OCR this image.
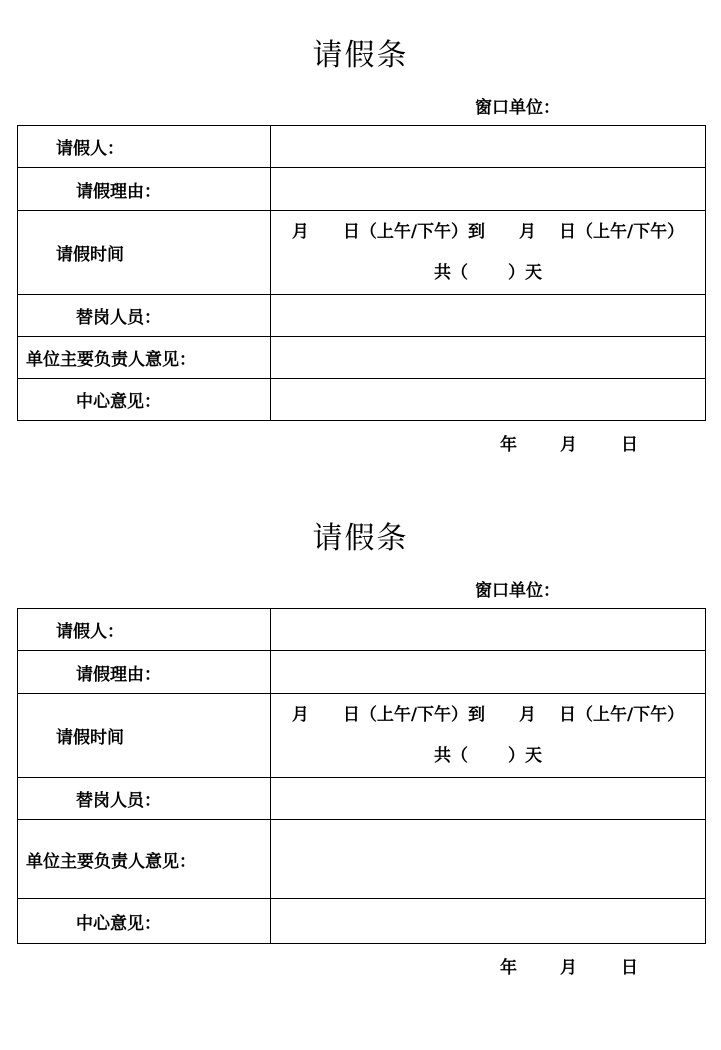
请假条
窗口单位：
请假人：	

请假理由：	

请假时间	月　　日（上午/下午）到　　月　 日（上午/下午）
共（　　 ）天

替岗人员：	

单位主要负责人意见：	

中心意见：	

年	月	日
请假条
窗口单位：
请假人：	

请假理由：	

请假时间	月　　日（上午/下午）到　　月　 日（上午/下午）
共（　　 ）天

替岗人员：	

单位主要负责人意见：	

中心意见：	

年	月	日
